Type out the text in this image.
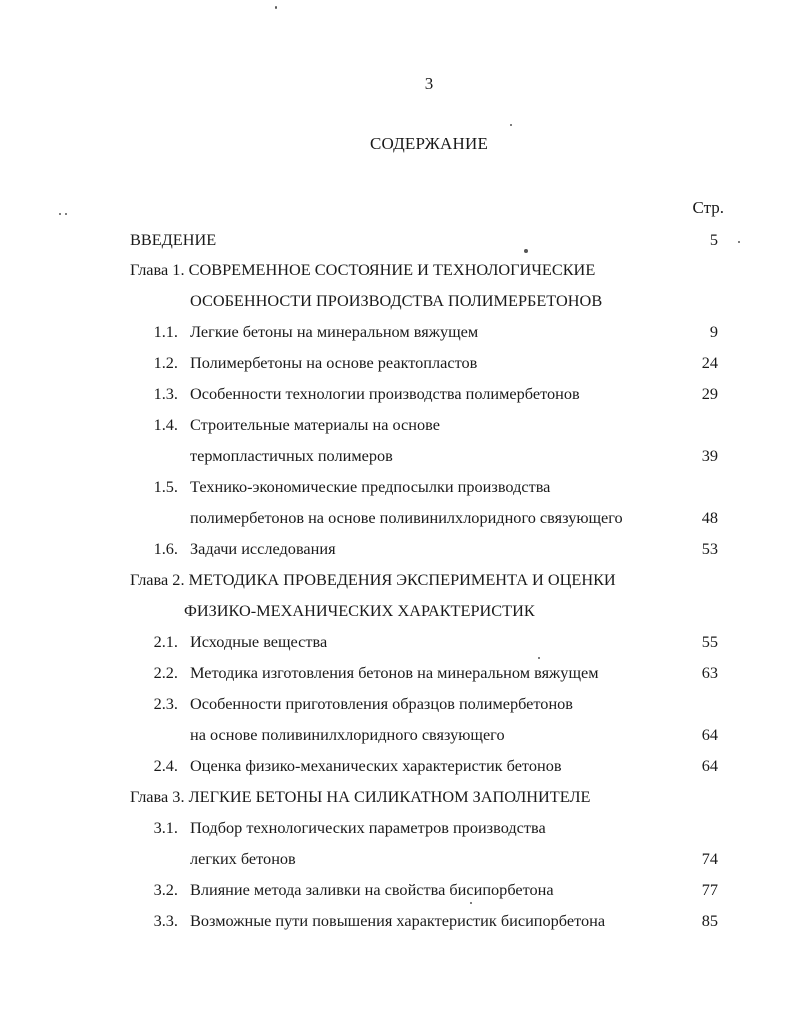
3
СОДЕРЖАНИЕ
Стр.
ВВЕДЕНИЕ	5
Глава 1. СОВРЕМЕННОЕ СОСТОЯНИЕ И ТЕХНОЛОГИЧЕСКИЕ
ОСОБЕННОСТИ ПРОИЗВОДСТВА ПОЛИМЕРБЕТОНОВ
1.1. Легкие бетоны на минеральном вяжущем	9
1.2. Полимербетоны на основе реактопластов	24
1.3. Особенности технологии производства полимербетонов	29
1.4. Строительные материалы на основе
термопластичных полимеров	39
1.5. Технико-экономические предпосылки производства
полимербетонов на основе поливинилхлоридного связующего	48
1.6. Задачи исследования	53
Глава 2. МЕТОДИКА ПРОВЕДЕНИЯ ЭКСПЕРИМЕНТА И ОЦЕНКИ
ФИЗИКО-МЕХАНИЧЕСКИХ ХАРАКТЕРИСТИК
2.1. Исходные вещества	55
2.2. Методика изготовления бетонов на минеральном вяжущем	63
2.3. Особенности приготовления образцов полимербетонов
на основе поливинилхлоридного связующего	64
2.4. Оценка физико-механических характеристик бетонов	64
Глава 3. ЛЕГКИЕ БЕТОНЫ НА СИЛИКАТНОМ ЗАПОЛНИТЕЛЕ
3.1. Подбор технологических параметров производства
легких бетонов	74
3.2. Влияние метода заливки на свойства бисипорбетона	77
3.3. Возможные пути повышения характеристик бисипорбетона	85
